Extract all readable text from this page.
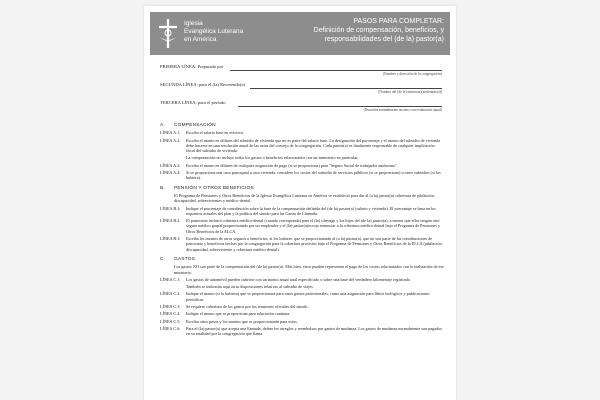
Iglesia
Evangélica Luterana
en América
PASOS PARA COMPLETAR:
Definición de compensación, beneficios, y
responsabilidades del (de la) pastor(a)
PRIMERA LÍNEA: Preparado por
(Nombre y dirección de la congregación)
SEGUNDA LÍNEA: para el (la) Reverendo(a)
(Nombre del (de la) ministro(a)ordenado(a))
TERCERA LÍNEA: para el período
(Duración normalmente un año; con evaluación anual)
A. COMPENSACIÓN
LÍNEA A.1:	Escriba el salario base en efectivo.
LÍNEA A.2:	Escriba el monto en dólares del subsidio de vivienda que no es parte del salario base. La designación del porcentaje y el monto del subsidio de vivienda debe hacerse en una resolución anual de las actas del concejo de la congregación. Cada pastor(a) es finalmente responsable de cualquier implicación fiscal del subsidio de vivienda.
La compensación no incluye todos los gastos o beneficios relacionados con un ministerio en particular.
LÍNEA A.3:	Escriba el monto en dólares de cualquier asignación de pago (si se proporciona) para "Seguro Social de trabajador autónomo".
LÍNEA A.4:	Si se proporciona una casa parroquial u otra vivienda, considere los costos del subsidio de servicios públicos (si se proporciona) u otros subsidios (si los hubiera).
B. PENSIÓN Y OTROS BENEFICIOS
El Programa de Pensiones y Otros Beneficios de la Iglesia Evangélica Luterana en América se estableció para dar al (a la) pastor(a) cobertura de jubilación, discapacidad, sobrevivientes y médico-dental.
LÍNEA B.1:	Indique el porcentaje de contribución sobre la base de la compensación definida del (de la) pastor(a) (salario y vivienda). El porcentaje se basa en los requisitos actuales del plan y la política del sínodo para las Cartas de Llamada.
LÍNEA B.2:	El patrocinio incluirá cobertura médico-dental (cuando corresponda) para el (la) cónyuge y los hijos del (de la) pastor(a), a menos que ellos tengan otro seguro médico grupal proporcionado por un empleador y el (la) pastor(a)escoja renunciar a la cobertura médico-dental bajo el Programa de Pensiones y Otros Beneficios de la ELCA.
LÍNEA B.3:	Escriba los montos de otros seguros o beneficios, si los hubiere, que se proporcionarán al (a la) pastor(a), que no son parte de las contribuciones de patrocinio y beneficios hechas por la congregación para la cobertura provistos bajo el Programa de Pensiones y Otros Beneficios de la ELCA (jubilación, discapacidad, sobreviviente y cobertura médico-dental).
C. GASTOS
Los gastos NO son parte de la compensación del (de la) pastor(a). Más bien, estos pueden representar el pago de los costos relacionados con la realización de ese ministerio.
LÍNEA C.1:	Los gastos de automóvil pueden cubrirse con un monto anual total especificado o sobre una base del verdadero kilometraje registrado.
También se indicarán aquí otras disposiciones relativas al subsidio de viajes.
LÍNEA C.2:	Indique el monto (si lo hubiera) que se proporcionará para otros gastos profesionales, como una asignación para libros teológicos y publicaciones periódicas.
LÍNEA C.3:	Se requiere cobertura de los gastos por las reuniones oficiales del sínodo.
LÍNEA C.4:	Indique el monto que se proporciona para educación continua.
LÍNEA C.5:	Escriba otros pasos y los montos que se proporcionarán para estos.
LÍNEA C.6:	Para el (la) pastor(a) que acepta una llamada, define los arreglos y reembolsos por gastos de mudanza. Los gastos de mudanza normalmente son pagados en su totalidad por la congregación que llama.
